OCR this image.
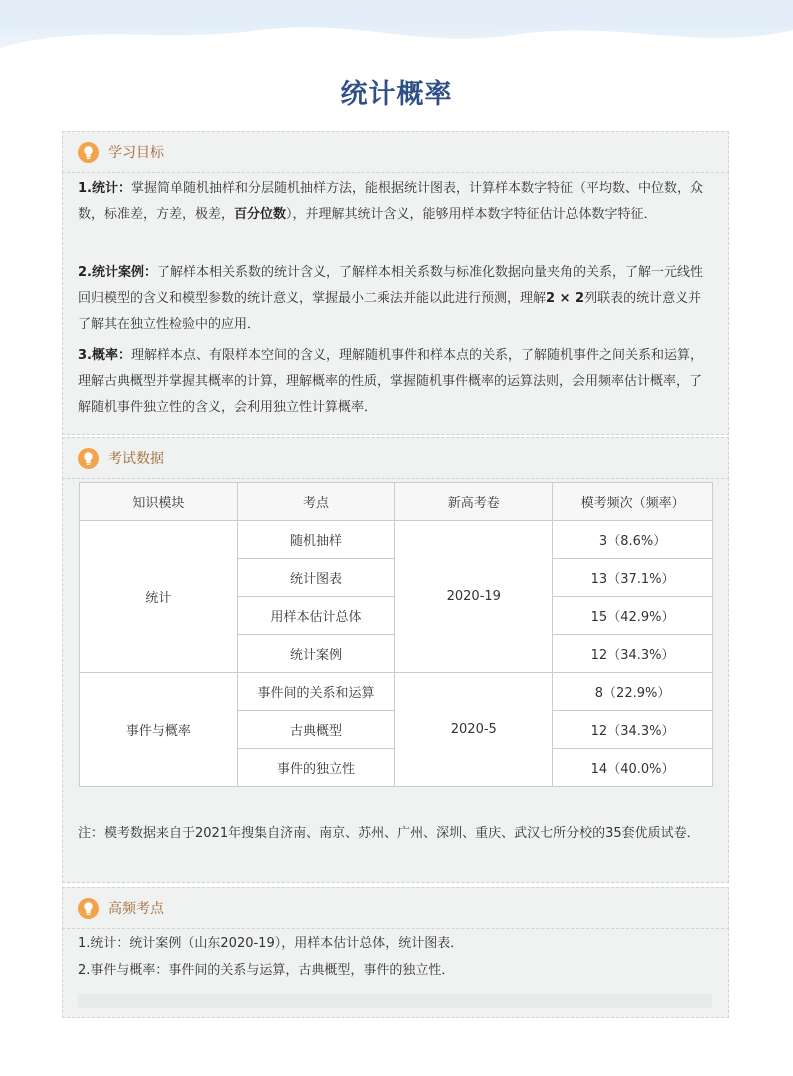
统计概率
学习目标
1.统计：掌握简单随机抽样和分层随机抽样方法，能根据统计图表，计算样本数字特征（平均数、中位数，众数，标准差，方差，极差，百分位数），并理解其统计含义，能够用样本数字特征估计总体数字特征．
2.统计案例：了解样本相关系数的统计含义，了解样本相关系数与标准化数据向量夹角的关系，了解一元线性回归模型的含义和模型参数的统计意义，掌握最小二乘法并能以此进行预测，理解2 × 2列联表的统计意义并了解其在独立性检验中的应用．
3.概率：理解样本点、有限样本空间的含义，理解随机事件和样本点的关系，了解随机事件之间关系和运算，理解古典概型并掌握其概率的计算，理解概率的性质，掌握随机事件概率的运算法则，会用频率估计概率，了解随机事件独立性的含义，会利用独立性计算概率．
考试数据
知识模块	考点	新高考卷	模考频次（频率）
统计	随机抽样	2020-19	3（8.6%）
	统计图表		13（37.1%）
	用样本估计总体		15（42.9%）
	统计案例		12（34.3%）
事件与概率	事件间的关系和运算	2020-5	8（22.9%）
	古典概型		12（34.3%）
	事件的独立性		14（40.0%）
注：模考数据来自于2021年搜集自济南、南京、苏州、广州、深圳、重庆、武汉七所分校的35套优质试卷．
高频考点
1.统计：统计案例（山东2020-19），用样本估计总体，统计图表．
2.事件与概率：事件间的关系与运算，古典概型，事件的独立性．
